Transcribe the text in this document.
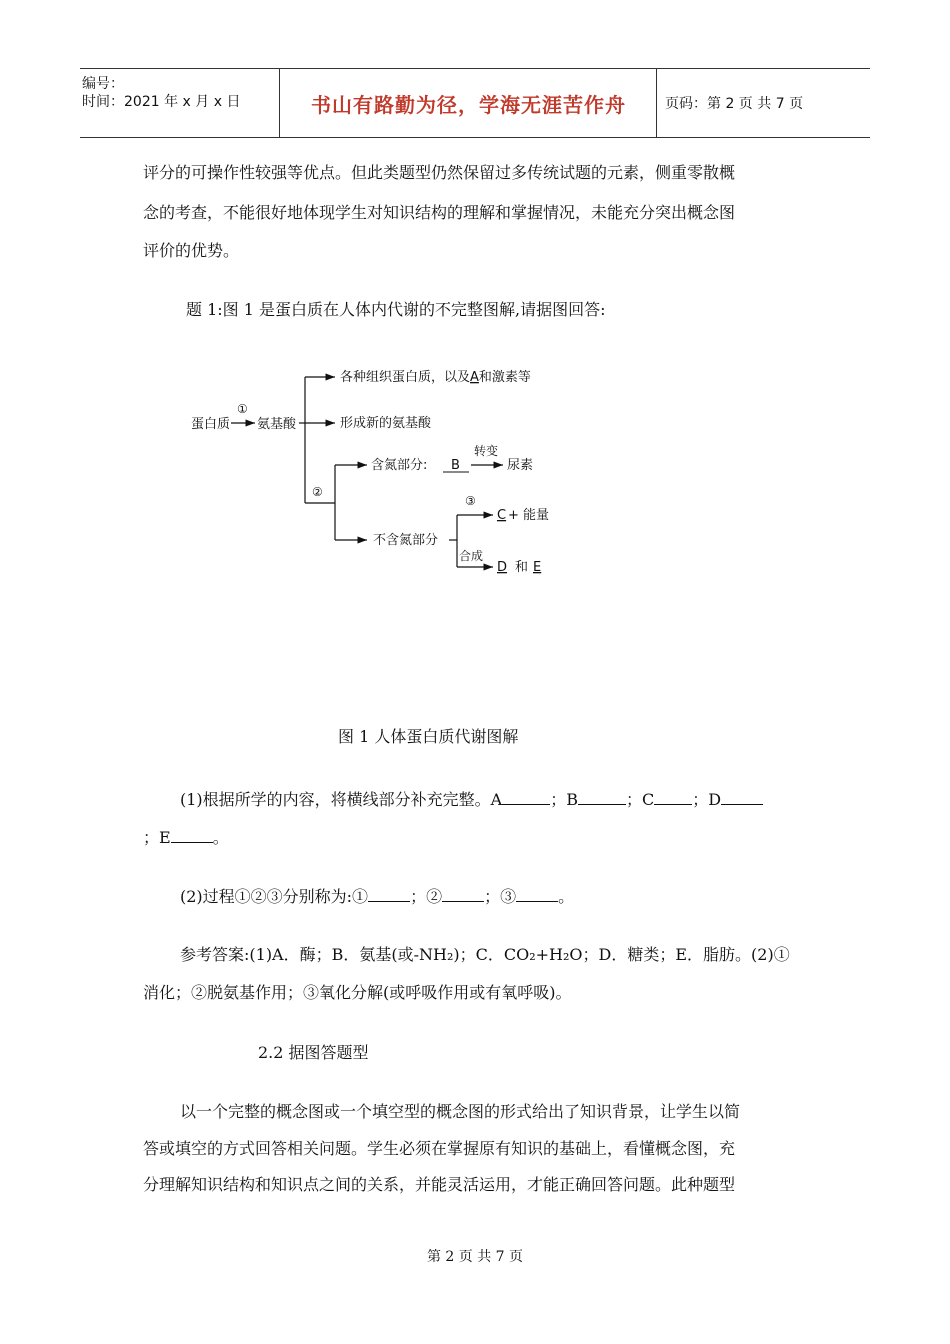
编号：
时间：2021 年 x 月 x 日	书山有路勤为径，学海无涯苦作舟	页码：第 2 页 共 7 页
评分的可操作性较强等优点。但此类题型仍然保留过多传统试题的元素，侧重零散概
念的考查，不能很好地体现学生对知识结构的理解和掌握情况，未能充分突出概念图
评价的优势。
题 1:图 1 是蛋白质在人体内代谢的不完整图解,请据图回答:
蛋白质
①
氨基酸
各种组织蛋白质，以及A和激素等
形成新的氨基酸
②
含氮部分: B
转变
尿素
不含氮部分
③
C + 能量
合成
D 和 E
图 1 人体蛋白质代谢图解
(1)根据所学的内容，将横线部分补充完整。A	；B	；C ；D
；E	。
(2)过程①②③分别称为:①	；②	；③	。
参考答案:(1)A．酶；B．氨基(或-NH₂)；C．CO₂+H₂O；D．糖类；E．脂肪。(2)①
消化；②脱氨基作用；③氧化分解(或呼吸作用或有氧呼吸)。
2.2 据图答题型
以一个完整的概念图或一个填空型的概念图的形式给出了知识背景，让学生以简
答或填空的方式回答相关问题。学生必须在掌握原有知识的基础上，看懂概念图，充
分理解知识结构和知识点之间的关系，并能灵活运用，才能正确回答问题。此种题型
第 2 页 共 7 页
